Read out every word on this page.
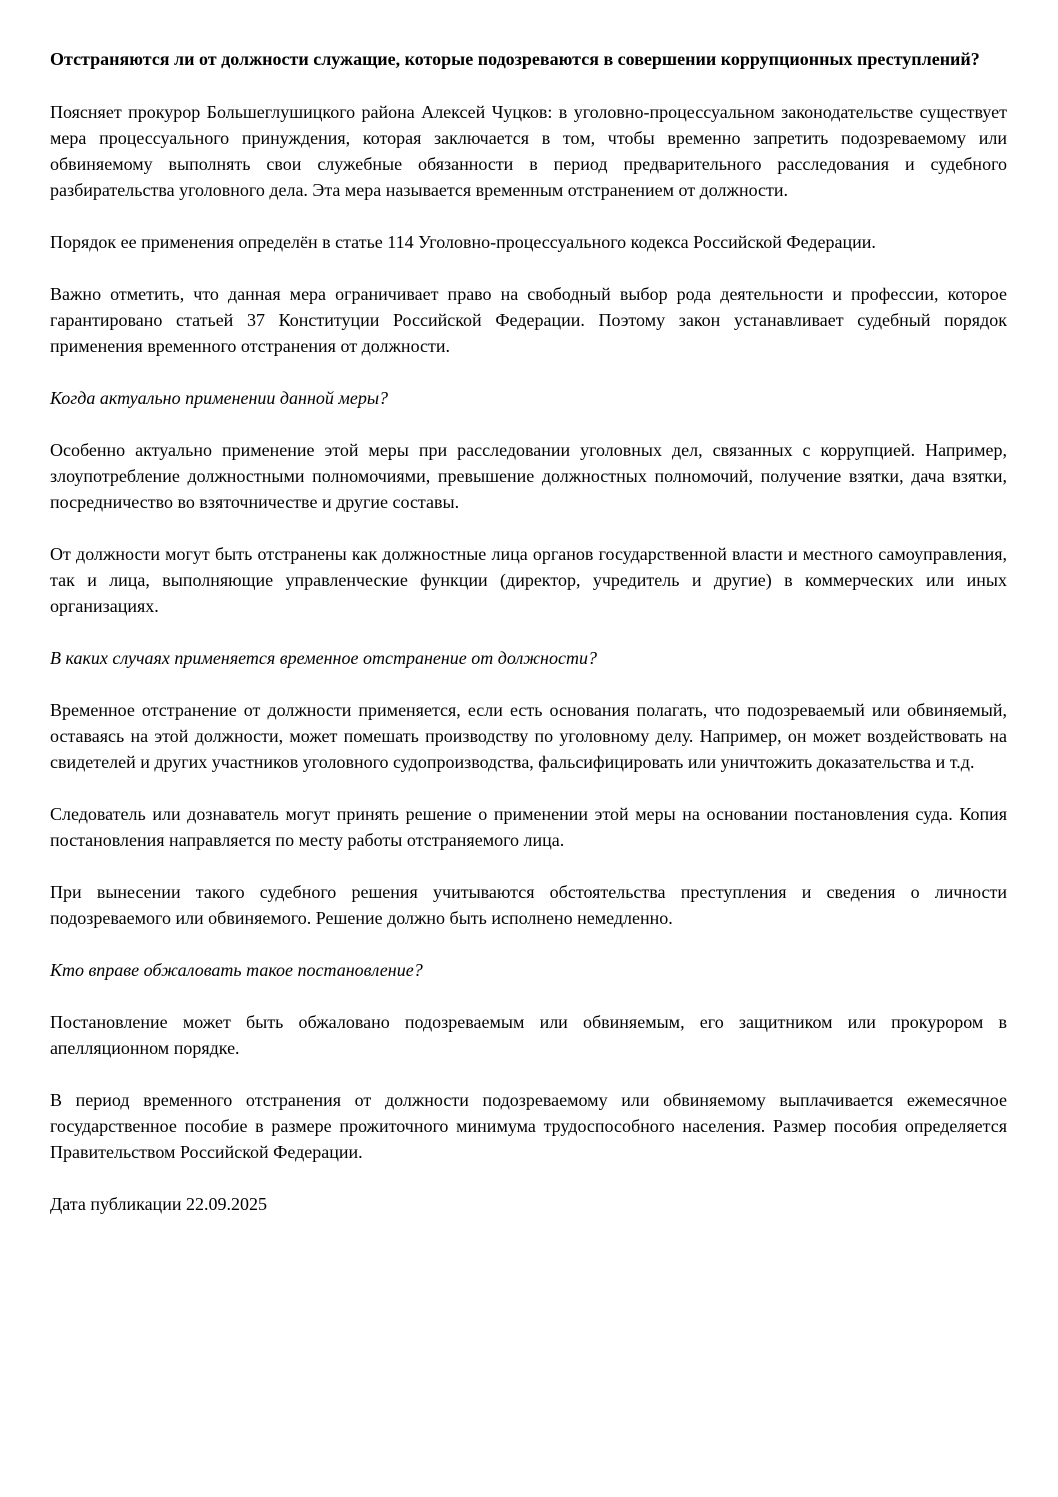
Отстраняются ли от должности служащие, которые подозреваются в совершении коррупционных преступлений?

Поясняет прокурор Большеглушицкого района Алексей Чуцков: в уголовно-процессуальном законодательстве существует мера процессуального принуждения, которая заключается в том, чтобы временно запретить подозреваемому или обвиняемому выполнять свои служебные обязанности в период предварительного расследования и судебного разбирательства уголовного дела. Эта мера называется временным отстранением от должности.

Порядок ее применения определён в статье 114 Уголовно-процессуального кодекса Российской Федерации.

Важно отметить, что данная мера ограничивает право на свободный выбор рода деятельности и профессии, которое гарантировано статьей 37 Конституции Российской Федерации. Поэтому закон устанавливает судебный порядок применения временного отстранения от должности.

Когда актуально применении данной меры?

Особенно актуально применение этой меры при расследовании уголовных дел, связанных с коррупцией. Например, злоупотребление должностными полномочиями, превышение должностных полномочий, получение взятки, дача взятки, посредничество во взяточничестве и другие составы.

От должности могут быть отстранены как должностные лица органов государственной власти и местного самоуправления, так и лица, выполняющие управленческие функции (директор, учредитель и другие) в коммерческих или иных организациях.

В каких случаях применяется временное отстранение от должности?

Временное отстранение от должности применяется, если есть основания полагать, что подозреваемый или обвиняемый, оставаясь на этой должности, может помешать производству по уголовному делу. Например, он может воздействовать на свидетелей и других участников уголовного судопроизводства, фальсифицировать или уничтожить доказательства и т.д.

Следователь или дознаватель могут принять решение о применении этой меры на основании постановления суда. Копия постановления направляется по месту работы отстраняемого лица.

При вынесении такого судебного решения учитываются обстоятельства преступления и сведения о личности подозреваемого или обвиняемого. Решение должно быть исполнено немедленно.

Кто вправе обжаловать такое постановление?

Постановление может быть обжаловано подозреваемым или обвиняемым, его защитником или прокурором в апелляционном порядке.

В период временного отстранения от должности подозреваемому или обвиняемому выплачивается ежемесячное государственное пособие в размере прожиточного минимума трудоспособного населения. Размер пособия определяется Правительством Российской Федерации.

Дата публикации 22.09.2025
